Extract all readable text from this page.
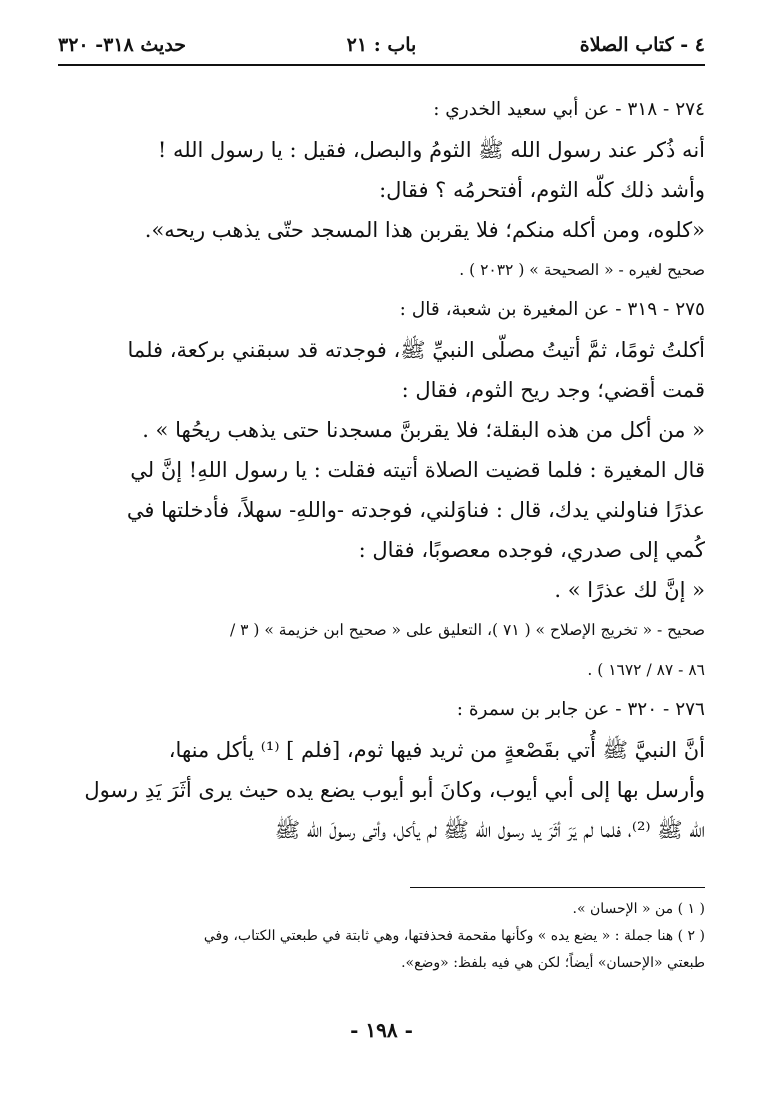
٤ - كتاب الصلاة
باب : ٢١
حديث ٣١٨- ٣٢٠
٢٧٤ - ٣١٨ - عن أبي سعيد الخدري :
أنه ذُكر عند رسول الله ﷺ الثومُ والبصل، فقيل : يا رسول الله !
وأشد ذلك كلّه الثوم، أفتحرمُه ؟ فقال:
«كلوه، ومن أكله منكم؛ فلا يقربن هذا المسجد حتّى يذهب ريحه».
صحيح لغيره - « الصحيحة » ( ٢٠٣٢ ) .
٢٧٥ - ٣١٩ - عن المغيرة بن شعبة، قال :
أكلتُ ثومًا، ثمَّ أتيتُ مصلّى النبيِّ ﷺ، فوجدته قد سبقني بركعة، فلما
قمت أقضي؛ وجد ريح الثوم، فقال :
« من أكل من هذه البقلة؛ فلا يقربنَّ مسجدنا حتى يذهب ريحُها » .
قال المغيرة : فلما قضيت الصلاة أتيته فقلت : يا رسول اللهِ! إنَّ لي
عذرًا فناولني يدك، قال : فناوَلني، فوجدته -واللهِ- سهلاً، فأدخلتها في
كُمي إلى صدري، فوجده معصوبًا، فقال :
« إنَّ لك عذرًا » .
صحيح - « تخريج الإصلاح » ( ٧١ )، التعليق على « صحيح ابن خزيمة » ( ٣ /
٨٦ - ٨٧ / ١٦٧٢ ) .
٢٧٦ - ٣٢٠ - عن جابر بن سمرة :
أنَّ النبيَّ ﷺ أُتي بقَصْعةٍ من ثريد فيها ثوم، [فلم ] ⁽¹⁾ يأكل منها،
وأرسل بها إلى أبي أيوب، وكانَ أبو أيوب يضع يده حيث يرى أثَرَ يَدِ رسول
الله ﷺ ⁽²⁾، فلما لم يَرَ أثَرَ يد رسول الله ﷺ لم يأكل، وأتى رسولَ الله ﷺ
( ١ ) من « الإحسان ».
( ٢ ) هنا جملة : « يضع يده » وكأنها مقحمة فحذفتها، وهي ثابتة في طبعتي الكتاب، وفي
طبعتي «الإحسان» أيضاً؛ لكن هي فيه بلفظ: «وضع».
- ١٩٨ -
